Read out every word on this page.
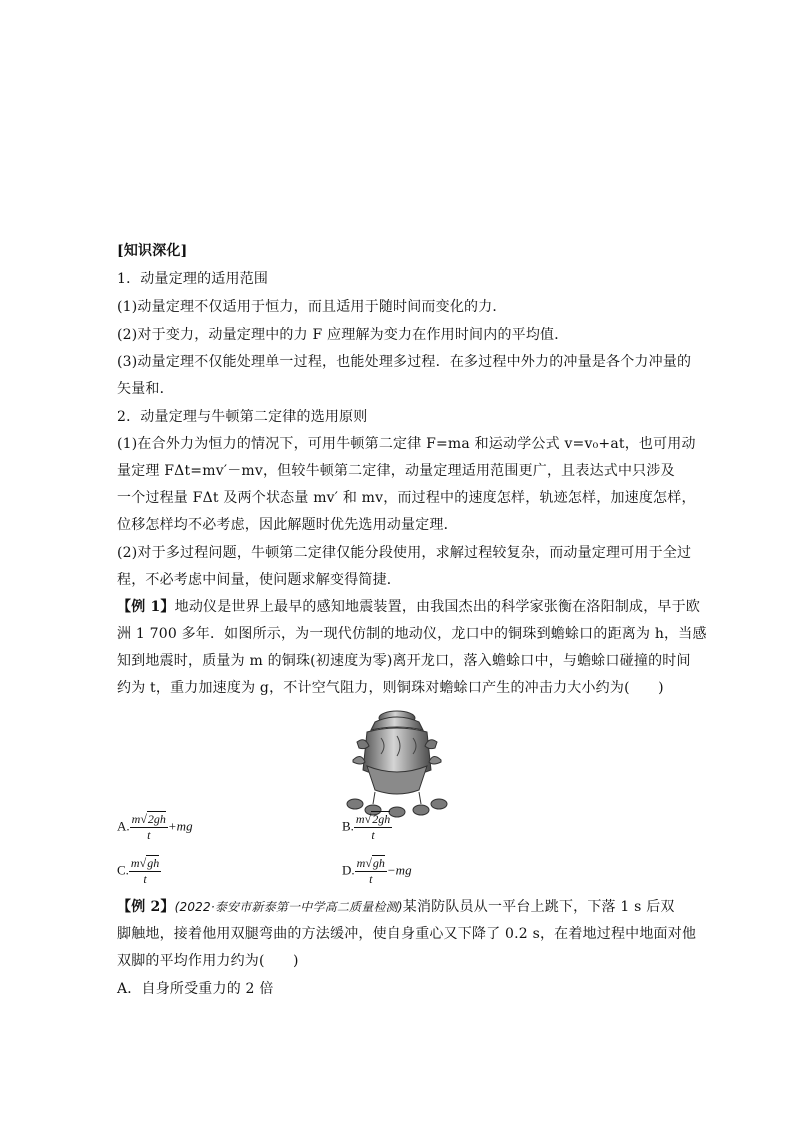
[知识深化]
1．动量定理的适用范围
(1)动量定理不仅适用于恒力，而且适用于随时间而变化的力．
(2)对于变力，动量定理中的力 F 应理解为变力在作用时间内的平均值．
(3)动量定理不仅能处理单一过程，也能处理多过程．在多过程中外力的冲量是各个力冲量的
矢量和．
2．动量定理与牛顿第二定律的选用原则
(1)在合外力为恒力的情况下，可用牛顿第二定律 F=ma 和运动学公式 v=v₀+at，也可用动
量定理 FΔt=mv′－mv，但较牛顿第二定律，动量定理适用范围更广，且表达式中只涉及
一个过程量 FΔt 及两个状态量 mv′ 和 mv，而过程中的速度怎样，轨迹怎样，加速度怎样，
位移怎样均不必考虑，因此解题时优先选用动量定理．
(2)对于多过程问题，牛顿第二定律仅能分段使用，求解过程较复杂，而动量定理可用于全过
程，不必考虑中间量，使问题求解变得简捷．
【例 1】地动仪是世界上最早的感知地震装置，由我国杰出的科学家张衡在洛阳制成，早于欧
洲 1 700 多年．如图所示，为一现代仿制的地动仪，龙口中的铜珠到蟾蜍口的距离为 h，当感
知到地震时，质量为 m 的铜珠(初速度为零)离开龙口，落入蟾蜍口中，与蟾蜍口碰撞的时间
约为 t，重力加速度为 g，不计空气阻力，则铜珠对蟾蜍口产生的冲击力大小约为(　　)
A. $\frac{m√2gh}{t} +mg$	B. $\frac{m√2gh}{t}$
C. $\frac{m√gh}{t}$	D. $\frac{m√gh}{t} -mg$
【例 2】(2022·泰安市新泰第一中学高二质量检测)某消防队员从一平台上跳下，下落 1 s 后双
脚触地，接着他用双腿弯曲的方法缓冲，使自身重心又下降了 0.2 s，在着地过程中地面对他
双脚的平均作用力约为(　　)
A．自身所受重力的 2 倍
